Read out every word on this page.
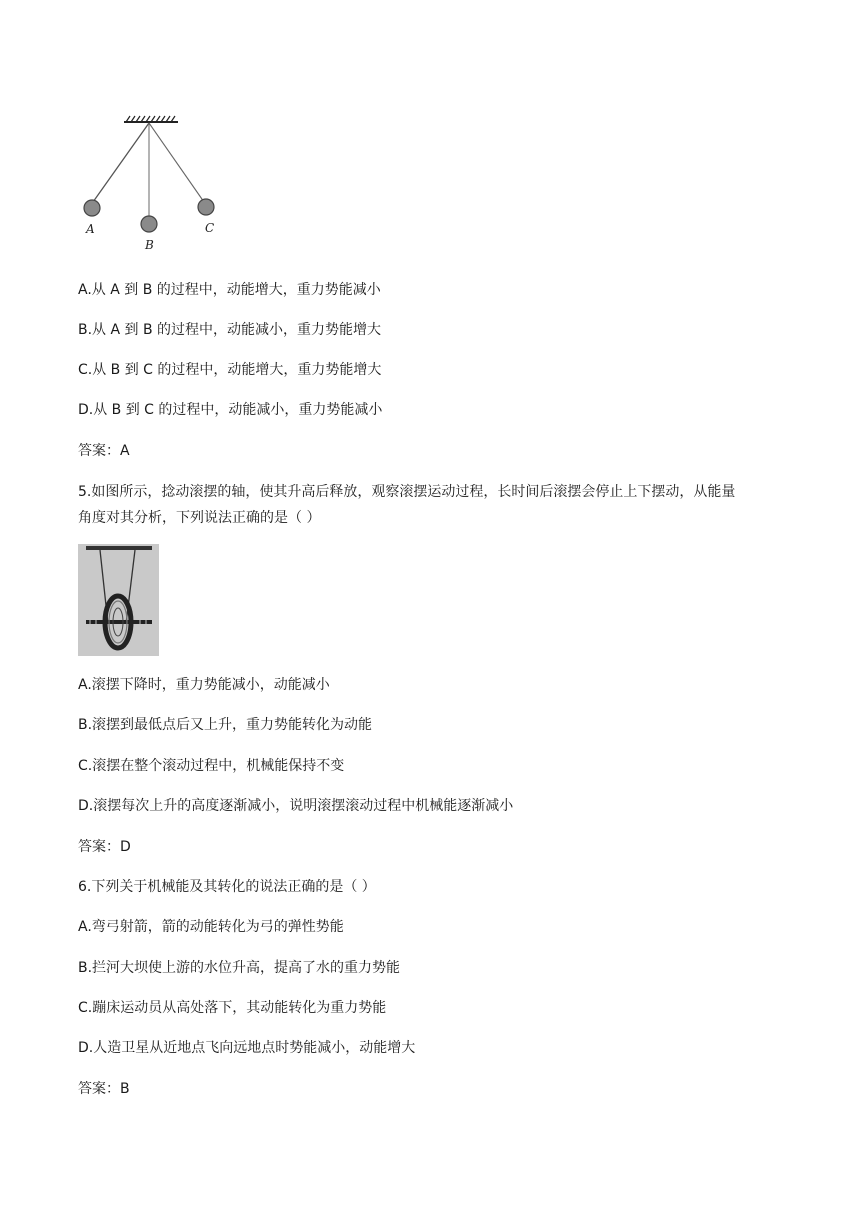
A
B
C
A.从 A 到 B 的过程中，动能增大，重力势能减小
B.从 A 到 B 的过程中，动能减小，重力势能增大
C.从 B 到 C 的过程中，动能增大，重力势能增大
D.从 B 到 C 的过程中，动能减小，重力势能减小
答案：A
5.如图所示，捻动滚摆的轴，使其升高后释放，观察滚摆运动过程，长时间后滚摆会停止上下摆动，从能量
角度对其分析，下列说法正确的是（ ）
A.滚摆下降时，重力势能减小，动能减小
B.滚摆到最低点后又上升，重力势能转化为动能
C.滚摆在整个滚动过程中，机械能保持不变
D.滚摆每次上升的高度逐渐减小，说明滚摆滚动过程中机械能逐渐减小
答案：D
6.下列关于机械能及其转化的说法正确的是（ ）
A.弯弓射箭，箭的动能转化为弓的弹性势能
B.拦河大坝使上游的水位升高，提高了水的重力势能
C.蹦床运动员从高处落下，其动能转化为重力势能
D.人造卫星从近地点飞向远地点时势能减小，动能增大
答案：B
